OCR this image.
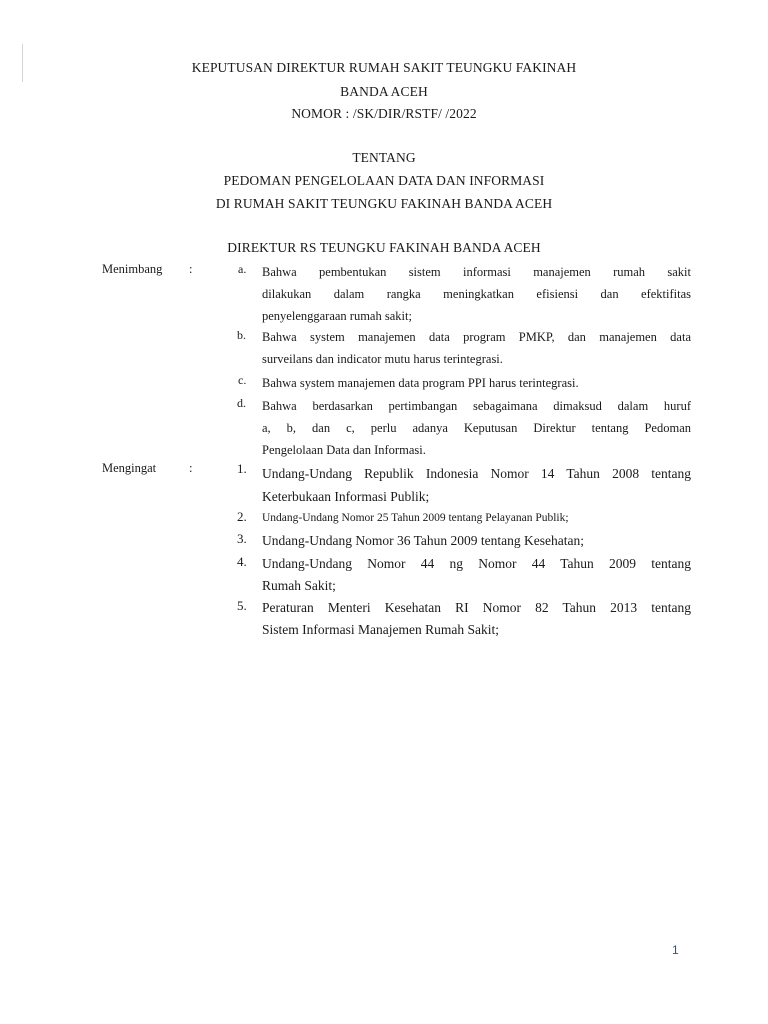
KEPUTUSAN DIREKTUR RUMAH SAKIT TEUNGKU FAKINAH
BANDA ACEH
NOMOR : /SK/DIR/RSTF/ /2022
TENTANG
PEDOMAN PENGELOLAAN DATA DAN INFORMASI
DI RUMAH SAKIT TEUNGKU FAKINAH BANDA ACEH
DIREKTUR RS TEUNGKU FAKINAH BANDA ACEH
Menimbang :	a. Bahwa pembentukan sistem informasi manajemen rumah sakit
dilakukan dalam rangka meningkatkan efisiensi dan efektifitas
penyelenggaraan rumah sakit;
b. Bahwa system manajemen data program PMKP, dan manajemen data
surveilans dan indicator mutu harus terintegrasi.
c. Bahwa system manajemen data program PPI harus terintegrasi.
d. Bahwa berdasarkan pertimbangan sebagaimana dimaksud dalam huruf
a, b, dan c, perlu adanya Keputusan Direktur tentang Pedoman
Pengelolaan Data dan Informasi.
Mengingat	:	1. Undang-Undang Republik Indonesia Nomor 14 Tahun 2008 tentang
Keterbukaan Informasi Publik;
2. Undang-Undang Nomor 25 Tahun 2009 tentang Pelayanan Publik;
3. Undang-Undang Nomor 36 Tahun 2009 tentang Kesehatan;
4. Undang-Undang Nomor 44 ng Nomor 44 Tahun 2009 tentang
Rumah Sakit;
5. Peraturan Menteri Kesehatan RI Nomor 82 Tahun 2013 tentang
Sistem Informasi Manajemen Rumah Sakit;
1
